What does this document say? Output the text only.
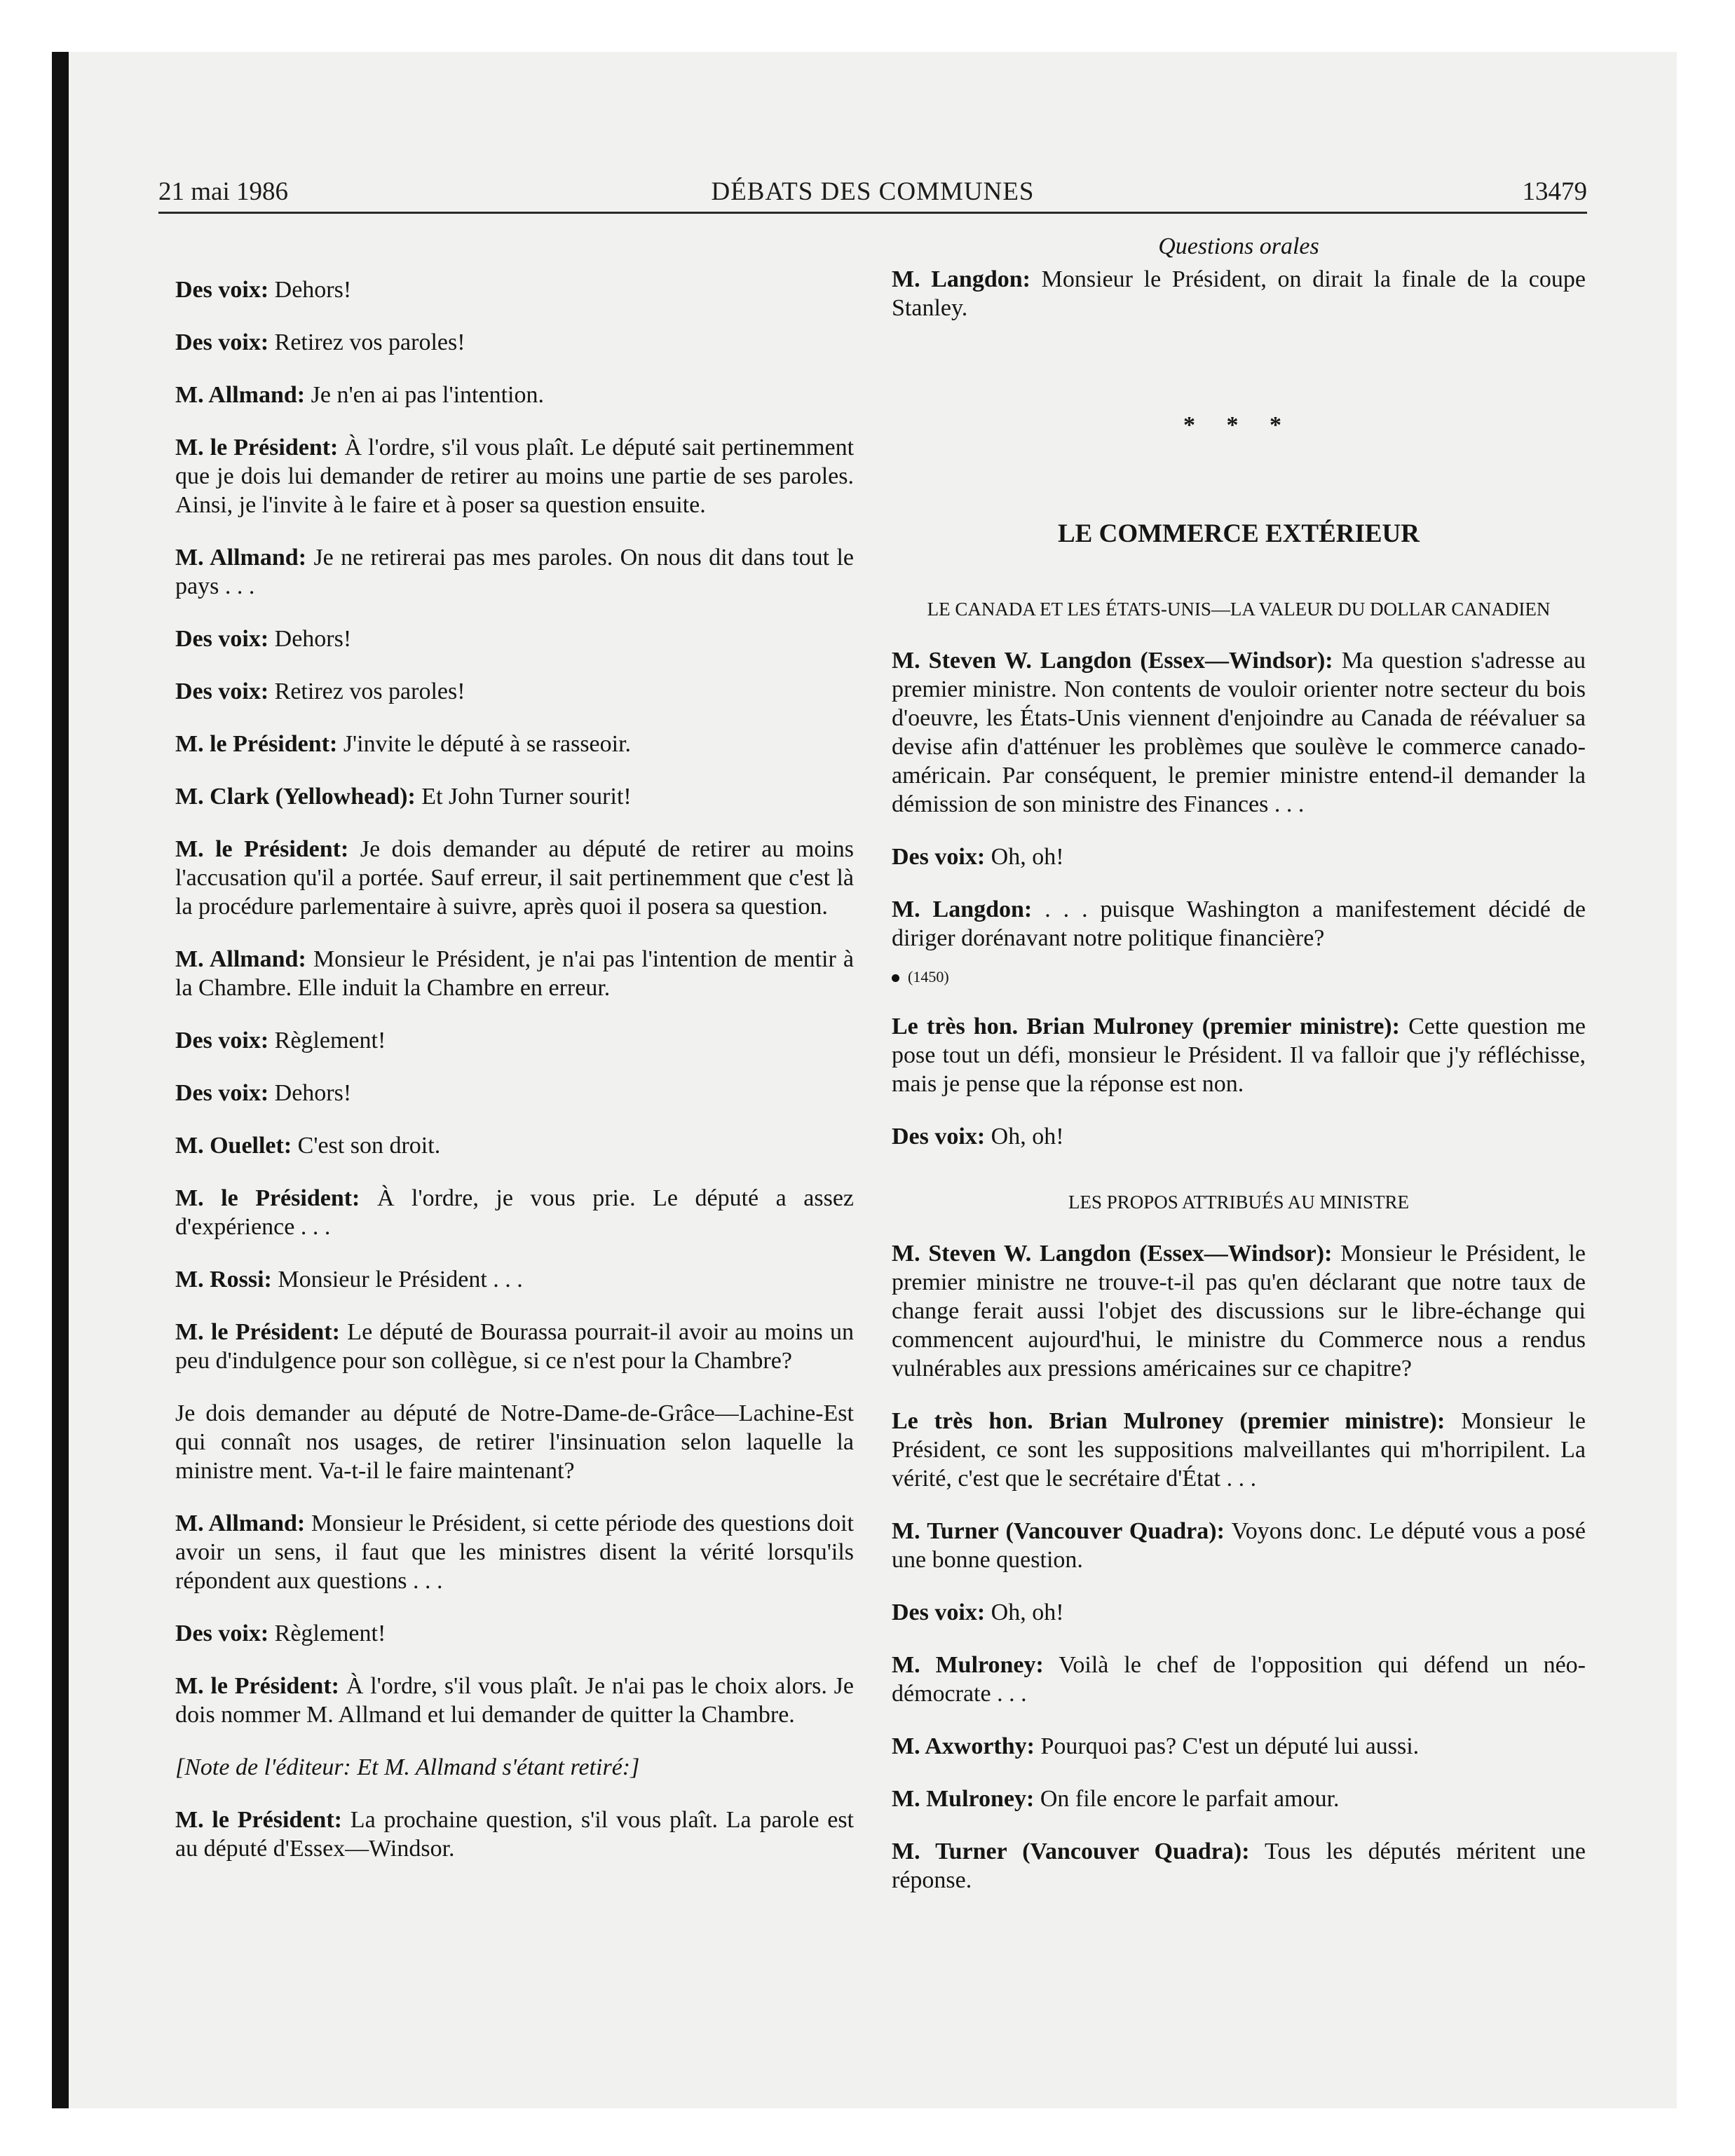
21 mai 1986	DÉBATS DES COMMUNES	13479

Des voix: Dehors!

Des voix: Retirez vos paroles!

M. Allmand: Je n'en ai pas l'intention.

M. le Président: À l'ordre, s'il vous plaît. Le député sait pertinemment que je dois lui demander de retirer au moins une partie de ses paroles. Ainsi, je l'invite à le faire et à poser sa question ensuite.

M. Allmand: Je ne retirerai pas mes paroles. On nous dit dans tout le pays . . .

Des voix: Dehors!

Des voix: Retirez vos paroles!

M. le Président: J'invite le député à se rasseoir.

M. Clark (Yellowhead): Et John Turner sourit!

M. le Président: Je dois demander au député de retirer au moins l'accusation qu'il a portée. Sauf erreur, il sait pertinemment que c'est là la procédure parlementaire à suivre, après quoi il posera sa question.

M. Allmand: Monsieur le Président, je n'ai pas l'intention de mentir à la Chambre. Elle induit la Chambre en erreur.

Des voix: Règlement!

Des voix: Dehors!

M. Ouellet: C'est son droit.

M. le Président: À l'ordre, je vous prie. Le député a assez d'expérience . . .

M. Rossi: Monsieur le Président . . .

M. le Président: Le député de Bourassa pourrait-il avoir au moins un peu d'indulgence pour son collègue, si ce n'est pour la Chambre?

Je dois demander au député de Notre-Dame-de-Grâce—Lachine-Est qui connaît nos usages, de retirer l'insinuation selon laquelle la ministre ment. Va-t-il le faire maintenant?

M. Allmand: Monsieur le Président, si cette période des questions doit avoir un sens, il faut que les ministres disent la vérité lorsqu'ils répondent aux questions . . .

Des voix: Règlement!

M. le Président: À l'ordre, s'il vous plaît. Je n'ai pas le choix alors. Je dois nommer M. Allmand et lui demander de quitter la Chambre.

[Note de l'éditeur: Et M. Allmand s'étant retiré:]

M. le Président: La prochaine question, s'il vous plaît. La parole est au député d'Essex—Windsor.

Questions orales

M. Langdon: Monsieur le Président, on dirait la finale de la coupe Stanley.

* * *
LE COMMERCE EXTÉRIEUR
LE CANADA ET LES ÉTATS-UNIS—LA VALEUR DU DOLLAR CANADIEN

M. Steven W. Langdon (Essex—Windsor): Ma question s'adresse au premier ministre. Non contents de vouloir orienter notre secteur du bois d'oeuvre, les États-Unis viennent d'enjoindre au Canada de réévaluer sa devise afin d'atténuer les problèmes que soulève le commerce canado-américain. Par conséquent, le premier ministre entend-il demander la démission de son ministre des Finances . . .

Des voix: Oh, oh!

M. Langdon: . . . puisque Washington a manifestement décidé de diriger dorénavant notre politique financière?

(1450)

Le très hon. Brian Mulroney (premier ministre): Cette question me pose tout un défi, monsieur le Président. Il va falloir que j'y réfléchisse, mais je pense que la réponse est non.

Des voix: Oh, oh!

LES PROPOS ATTRIBUÉS AU MINISTRE

M. Steven W. Langdon (Essex—Windsor): Monsieur le Président, le premier ministre ne trouve-t-il pas qu'en déclarant que notre taux de change ferait aussi l'objet des discussions sur le libre-échange qui commencent aujourd'hui, le ministre du Commerce nous a rendus vulnérables aux pressions américaines sur ce chapitre?

Le très hon. Brian Mulroney (premier ministre): Monsieur le Président, ce sont les suppositions malveillantes qui m'horripilent. La vérité, c'est que le secrétaire d'État . . .

M. Turner (Vancouver Quadra): Voyons donc. Le député vous a posé une bonne question.

Des voix: Oh, oh!

M. Mulroney: Voilà le chef de l'opposition qui défend un néo-démocrate . . .

M. Axworthy: Pourquoi pas? C'est un député lui aussi.

M. Mulroney: On file encore le parfait amour.

M. Turner (Vancouver Quadra): Tous les députés méritent une réponse.
